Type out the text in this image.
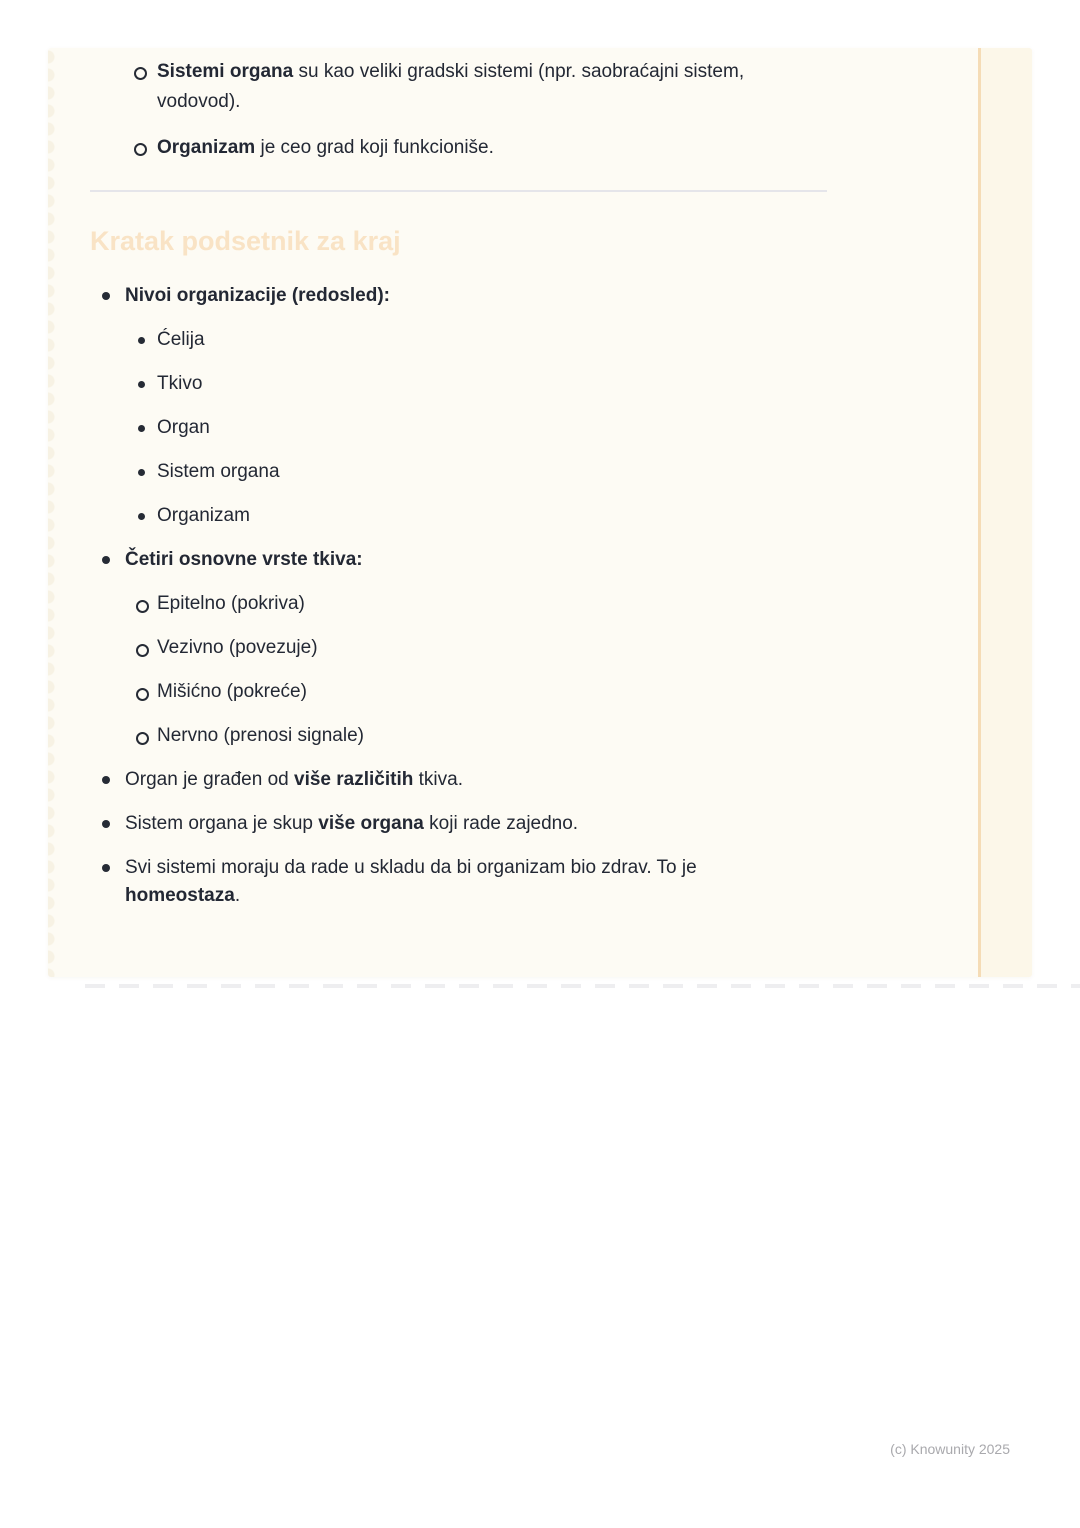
Sistemi organa su kao veliki gradski sistemi (npr. saobraćajni sistem,
vodovod).
Organizam je ceo grad koji funkcioniše.
Kratak podsetnik za kraj
Nivoi organizacije (redosled):
Ćelija
Tkivo
Organ
Sistem organa
Organizam
Četiri osnovne vrste tkiva:
Epitelno (pokriva)
Vezivno (povezuje)
Mišićno (pokreće)
Nervno (prenosi signale)
Organ je građen od više različitih tkiva.
Sistem organa je skup više organa koji rade zajedno.
Svi sistemi moraju da rade u skladu da bi organizam bio zdrav. To je
homeostaza.
(c) Knowunity 2025
